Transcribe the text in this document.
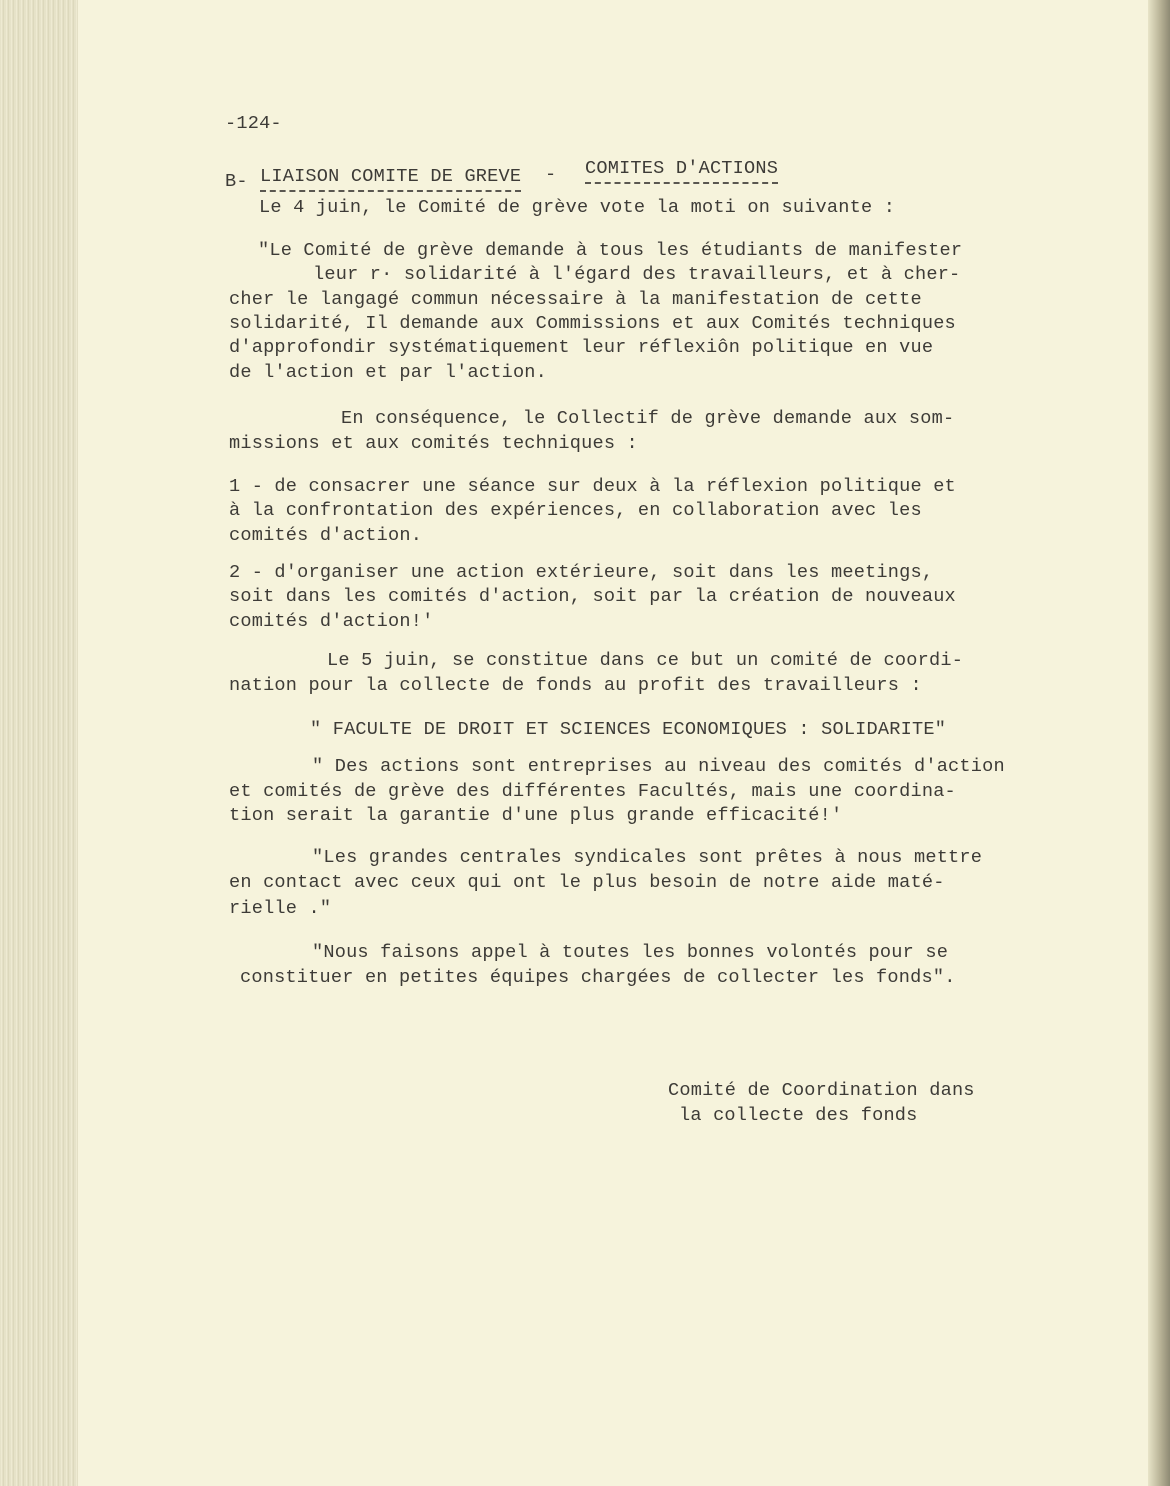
-124-

B- LIAISON COMITE DE GREVE - COMITES D'ACTIONS

Le 4 juin, le Comité de grève vote la moti on suivante :

"Le Comité de grève demande à tous les étudiants de manifester

leur r· solidarité à l'égard des travailleurs, et à cher-

cher le langagé commun nécessaire à la manifestation de cette

solidarité, Il demande aux Commissions et aux Comités techniques

d'approfondir systématiquement leur réflexiôn politique en vue

de l'action et par l'action.

En conséquence, le Collectif de grève demande aux som-

missions et aux comités techniques :

1 - de consacrer une séance sur deux à la réflexion politique et

à la confrontation des expériences, en collaboration avec les

comités d'action.

2 - d'organiser une action extérieure, soit dans les meetings,

soit dans les comités d'action, soit par la création de nouveaux

comités d'action!'

Le 5 juin, se constitue dans ce but un comité de coordi-

nation pour la collecte de fonds au profit des travailleurs :

" FACULTE DE DROIT ET SCIENCES ECONOMIQUES : SOLIDARITE"

" Des actions sont entreprises au niveau des comités d'action

et comités de grève des différentes Facultés, mais une coordina-

tion serait la garantie d'une plus grande efficacité!'

"Les grandes centrales syndicales sont prêtes à nous mettre

en contact avec ceux qui ont le plus besoin de notre aide maté-

rielle ."

"Nous faisons appel à toutes les bonnes volontés pour se

constituer en petites équipes chargées de collecter les fonds".

Comité de Coordination dans

la collecte des fonds
